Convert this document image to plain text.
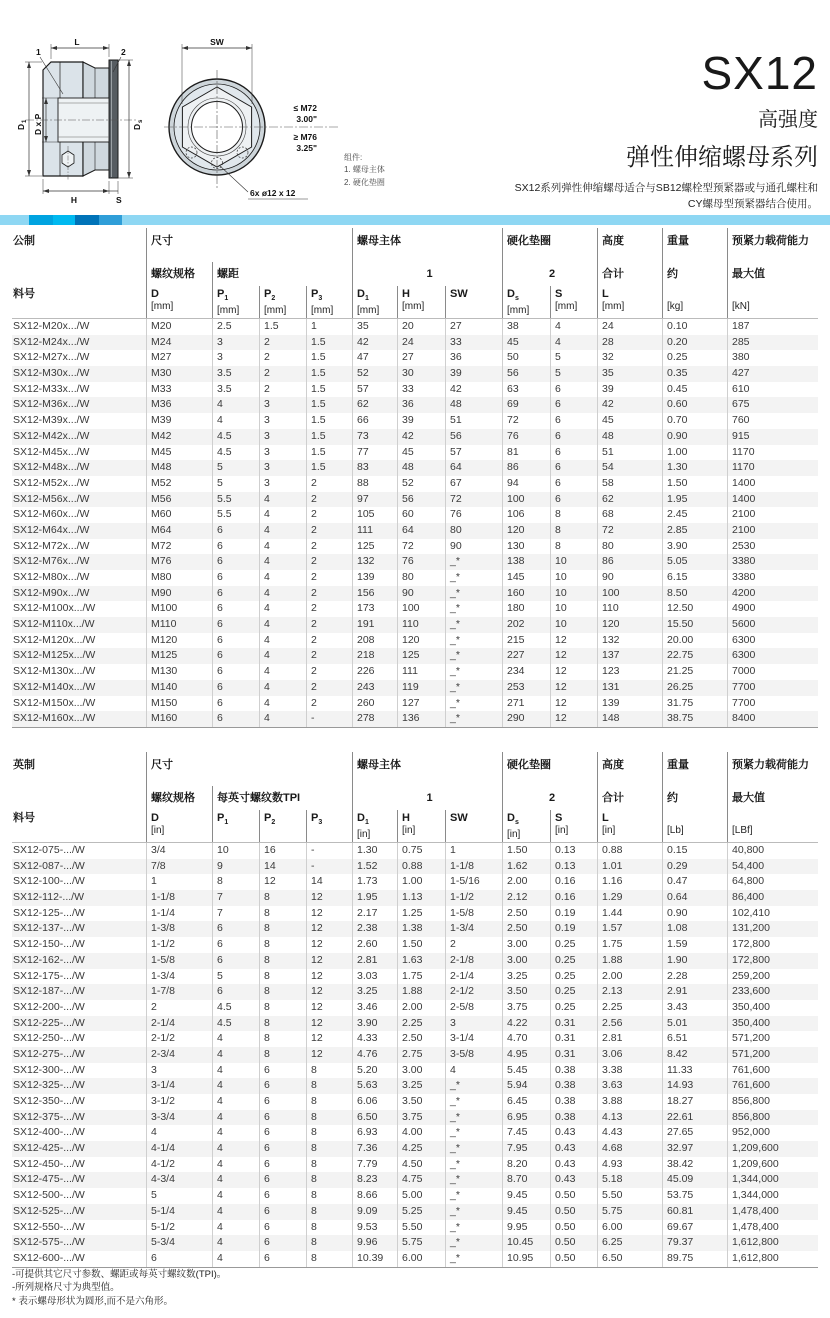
L
1	2
D
1 D x P	D
s
H	S
SW
≤ M72
3.00"
≥ M76
3.25"
6x ø12 x 12
组件:
1. 螺母主体
2. 硬化垫圈
SX12
高强度
弹性伸缩螺母系列
SX12系列弹性伸缩螺母适合与SB12螺栓型预紧器或与通孔螺柱和
CY螺母型预紧器结合使用。
公制	尺寸	螺母主体	硬化垫圈	高度	重量	预紧力载荷能力
螺纹规格	螺距	1	2	合计	约	最大值
料号	D
[mm]
$P_1$
[mm]
$P_2$
[mm]
$P_3$
[mm]
$D_1$
[mm]
H
[mm]
SW	$D_s$
[mm]
S
[mm]
L
[mm]	[kg]	[kN]
SX12-M20x.../W	M20	2.5	1.5	1	35	20	27	38	4	24	0.10	187
SX12-M24x.../W	M24	3	2	1.5	42	24	33	45	4	28	0.20	285
SX12-M27x.../W	M27	3	2	1.5	47	27	36	50	5	32	0.25	380
SX12-M30x.../W	M30	3.5	2	1.5	52	30	39	56	5	35	0.35	427
SX12-M33x.../W	M33	3.5	2	1.5	57	33	42	63	6	39	0.45	610
SX12-M36x.../W	M36	4	3	1.5	62	36	48	69	6	42	0.60	675
SX12-M39x.../W	M39	4	3	1.5	66	39	51	72	6	45	0.70	760
SX12-M42x.../W	M42	4.5	3	1.5	73	42	56	76	6	48	0.90	915
SX12-M45x.../W	M45	4.5	3	1.5	77	45	57	81	6	51	1.00	1170
SX12-M48x.../W	M48	5	3	1.5	83	48	64	86	6	54	1.30	1170
SX12-M52x.../W	M52	5	3	2	88	52	67	94	6	58	1.50	1400
SX12-M56x.../W	M56	5.5	4	2	97	56	72	100	6	62	1.95	1400
SX12-M60x.../W	M60	5.5	4	2	105	60	76	106	8	68	2.45	2100
SX12-M64x.../W	M64	6	4	2	111	64	80	120	8	72	2.85	2100
SX12-M72x.../W	M72	6	4	2	125	72	90	130	8	80	3.90	2530
SX12-M76x.../W	M76	6	4	2	132	76	_*	138	10	86	5.05	3380
SX12-M80x.../W	M80	6	4	2	139	80	_*	145	10	90	6.15	3380
SX12-M90x.../W	M90	6	4	2	156	90	_*	160	10	100	8.50	4200
SX12-M100x.../W	M100	6	4	2	173	100	_*	180	10	110	12.50	4900
SX12-M110x.../W	M110	6	4	2	191	110	_*	202	10	120	15.50	5600
SX12-M120x.../W	M120	6	4	2	208	120	_*	215	12	132	20.00	6300
SX12-M125x.../W	M125	6	4	2	218	125	_*	227	12	137	22.75	6300
SX12-M130x.../W	M130	6	4	2	226	111	_*	234	12	123	21.25	7000
SX12-M140x.../W	M140	6	4	2	243	119	_*	253	12	131	26.25	7700
SX12-M150x.../W	M150	6	4	2	260	127	_*	271	12	139	31.75	7700
SX12-M160x.../W	M160	6	4	-	278	136	_*	290	12	148	38.75	8400
英制	尺寸	螺母主体	硬化垫圈	高度	重量	预紧力载荷能力
螺纹规格	每英寸螺纹数TPI	1	2	合计	约	最大值
料号	D
[in]
$P_1$	$P_2$	$P_3$	$D_1$
[in]
H
[in]
SW	$D_s$
[in]
S
[in]
L
[in]	[Lb]	[LBf]
SX12-075-.../W	3/4	10	16	-	1.30	0.75	1	1.50	0.13	0.88	0.15	40,800
SX12-087-.../W	7/8	9	14	-	1.52	0.88	1-1/8	1.62	0.13	1.01	0.29	54,400
SX12-100-.../W	1	8	12	14	1.73	1.00	1-5/16	2.00	0.16	1.16	0.47	64,800
SX12-112-.../W	1-1/8	7	8	12	1.95	1.13	1-1/2	2.12	0.16	1.29	0.64	86,400
SX12-125-.../W	1-1/4	7	8	12	2.17	1.25	1-5/8	2.50	0.19	1.44	0.90	102,410
SX12-137-.../W	1-3/8	6	8	12	2.38	1.38	1-3/4	2.50	0.19	1.57	1.08	131,200
SX12-150-.../W	1-1/2	6	8	12	2.60	1.50	2	3.00	0.25	1.75	1.59	172,800
SX12-162-.../W	1-5/8	6	8	12	2.81	1.63	2-1/8	3.00	0.25	1.88	1.90	172,800
SX12-175-.../W	1-3/4	5	8	12	3.03	1.75	2-1/4	3.25	0.25	2.00	2.28	259,200
SX12-187-.../W	1-7/8	6	8	12	3.25	1.88	2-1/2	3.50	0.25	2.13	2.91	233,600
SX12-200-.../W	2	4.5	8	12	3.46	2.00	2-5/8	3.75	0.25	2.25	3.43	350,400
SX12-225-.../W	2-1/4	4.5	8	12	3.90	2.25	3	4.22	0.31	2.56	5.01	350,400
SX12-250-.../W	2-1/2	4	8	12	4.33	2.50	3-1/4	4.70	0.31	2.81	6.51	571,200
SX12-275-.../W	2-3/4	4	8	12	4.76	2.75	3-5/8	4.95	0.31	3.06	8.42	571,200
SX12-300-.../W	3	4	6	8	5.20	3.00	4	5.45	0.38	3.38	11.33	761,600
SX12-325-.../W	3-1/4	4	6	8	5.63	3.25	_*	5.94	0.38	3.63	14.93	761,600
SX12-350-.../W	3-1/2	4	6	8	6.06	3.50	_*	6.45	0.38	3.88	18.27	856,800
SX12-375-.../W	3-3/4	4	6	8	6.50	3.75	_*	6.95	0.38	4.13	22.61	856,800
SX12-400-.../W	4	4	6	8	6.93	4.00	_*	7.45	0.43	4.43	27.65	952,000
SX12-425-.../W	4-1/4	4	6	8	7.36	4.25	_*	7.95	0.43	4.68	32.97	1,209,600
SX12-450-.../W	4-1/2	4	6	8	7.79	4.50	_*	8.20	0.43	4.93	38.42	1,209,600
SX12-475-.../W	4-3/4	4	6	8	8.23	4.75	_*	8.70	0.43	5.18	45.09	1,344,000
SX12-500-.../W	5	4	6	8	8.66	5.00	_*	9.45	0.50	5.50	53.75	1,344,000
SX12-525-.../W	5-1/4	4	6	8	9.09	5.25	_*	9.45	0.50	5.75	60.81	1,478,400
SX12-550-.../W	5-1/2	4	6	8	9.53	5.50	_*	9.95	0.50	6.00	69.67	1,478,400
SX12-575-.../W	5-3/4	4	6	8	9.96	5.75	_*	10.45	0.50	6.25	79.37	1,612,800
SX12-600-.../W	6	4	6	8	10.39	6.00	_*	10.95	0.50	6.50	89.75	1,612,800
-可提供其它尺寸参数、螺距或每英寸螺纹数(TPI)。
-所列规格尺寸为典型值。
* 表示螺母形状为圆形,而不是六角形。
